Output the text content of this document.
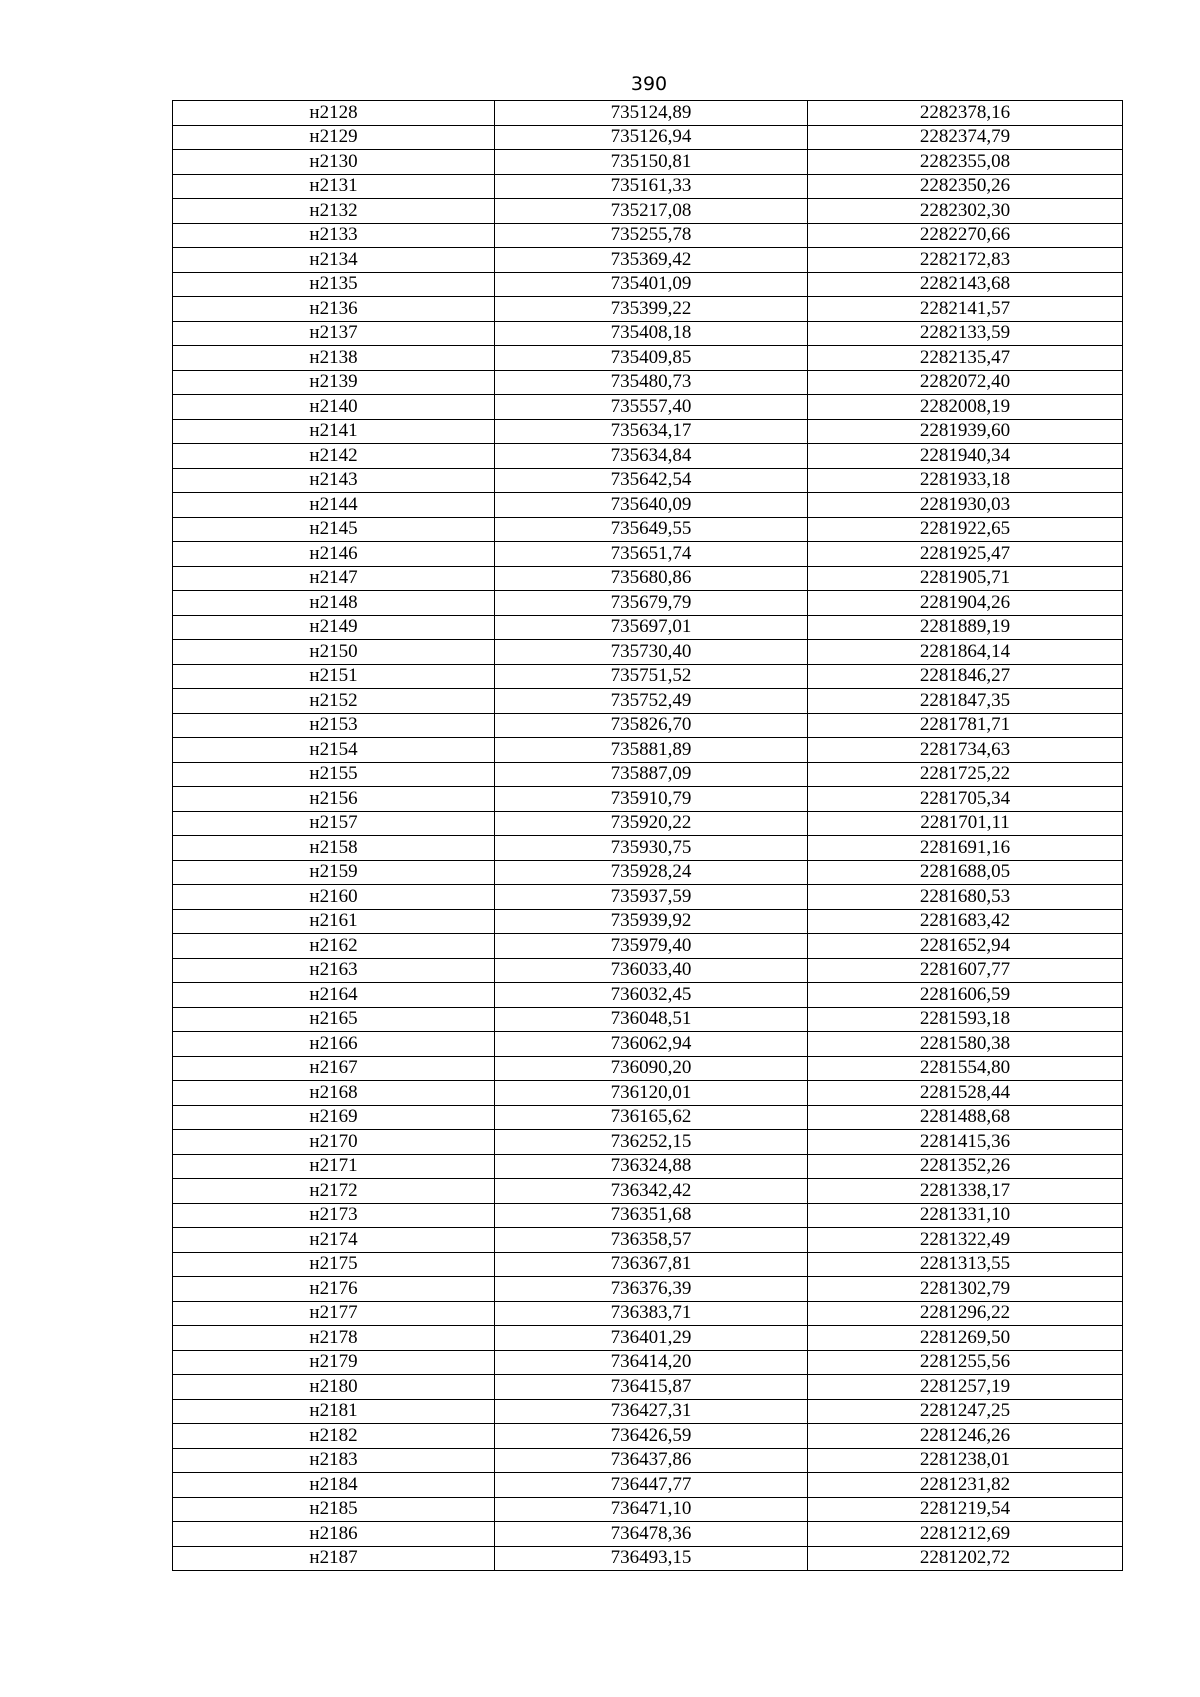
390
н2128	735124,89	2282378,16
н2129	735126,94	2282374,79
н2130	735150,81	2282355,08
н2131	735161,33	2282350,26
н2132	735217,08	2282302,30
н2133	735255,78	2282270,66
н2134	735369,42	2282172,83
н2135	735401,09	2282143,68
н2136	735399,22	2282141,57
н2137	735408,18	2282133,59
н2138	735409,85	2282135,47
н2139	735480,73	2282072,40
н2140	735557,40	2282008,19
н2141	735634,17	2281939,60
н2142	735634,84	2281940,34
н2143	735642,54	2281933,18
н2144	735640,09	2281930,03
н2145	735649,55	2281922,65
н2146	735651,74	2281925,47
н2147	735680,86	2281905,71
н2148	735679,79	2281904,26
н2149	735697,01	2281889,19
н2150	735730,40	2281864,14
н2151	735751,52	2281846,27
н2152	735752,49	2281847,35
н2153	735826,70	2281781,71
н2154	735881,89	2281734,63
н2155	735887,09	2281725,22
н2156	735910,79	2281705,34
н2157	735920,22	2281701,11
н2158	735930,75	2281691,16
н2159	735928,24	2281688,05
н2160	735937,59	2281680,53
н2161	735939,92	2281683,42
н2162	735979,40	2281652,94
н2163	736033,40	2281607,77
н2164	736032,45	2281606,59
н2165	736048,51	2281593,18
н2166	736062,94	2281580,38
н2167	736090,20	2281554,80
н2168	736120,01	2281528,44
н2169	736165,62	2281488,68
н2170	736252,15	2281415,36
н2171	736324,88	2281352,26
н2172	736342,42	2281338,17
н2173	736351,68	2281331,10
н2174	736358,57	2281322,49
н2175	736367,81	2281313,55
н2176	736376,39	2281302,79
н2177	736383,71	2281296,22
н2178	736401,29	2281269,50
н2179	736414,20	2281255,56
н2180	736415,87	2281257,19
н2181	736427,31	2281247,25
н2182	736426,59	2281246,26
н2183	736437,86	2281238,01
н2184	736447,77	2281231,82
н2185	736471,10	2281219,54
н2186	736478,36	2281212,69
н2187	736493,15	2281202,72
